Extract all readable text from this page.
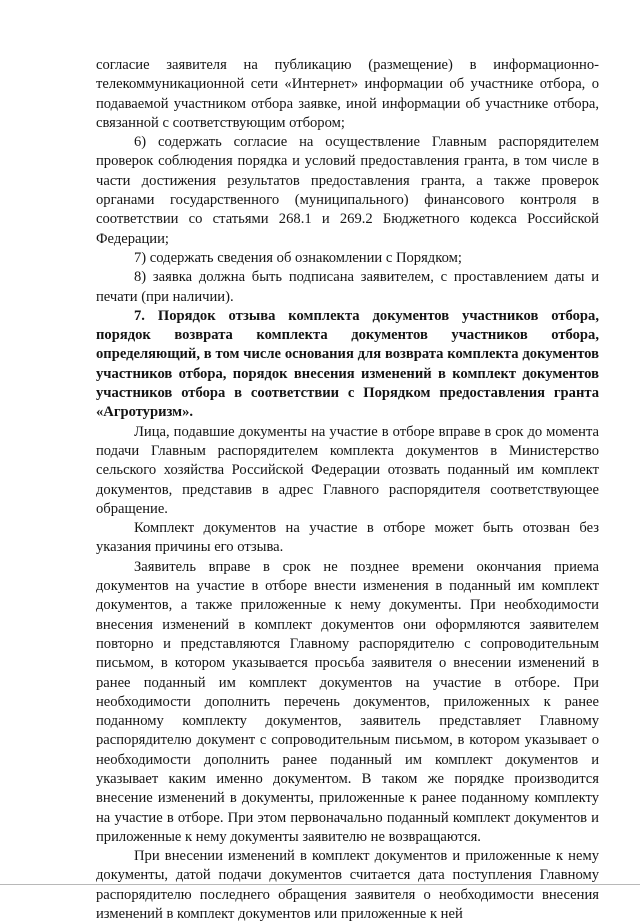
согласие заявителя на публикацию (размещение) в информационно-телекоммуникационной сети «Интернет» информации об участнике отбора, о подаваемой участником отбора заявке, иной информации об участнике отбора, связанной с соответствующим отбором;

6) содержать согласие на осуществление Главным распорядителем проверок соблюдения порядка и условий предоставления гранта, в том числе в части достижения результатов предоставления гранта, а также проверок органами государственного (муниципального) финансового контроля в соответствии со статьями 268.1 и 269.2 Бюджетного кодекса Российской Федерации;

7) содержать сведения об ознакомлении с Порядком;

8) заявка должна быть подписана заявителем, с проставлением даты и печати (при наличии).

7. Порядок отзыва комплекта документов участников отбора, порядок возврата комплекта документов участников отбора, определяющий, в том числе основания для возврата комплекта документов участников отбора, порядок внесения изменений в комплект документов участников отбора в соответствии с Порядком предоставления гранта «Агротуризм».

Лица, подавшие документы на участие в отборе вправе в срок до момента подачи Главным распорядителем комплекта документов в Министерство сельского хозяйства Российской Федерации отозвать поданный им комплект документов, представив в адрес Главного распорядителя соответствующее обращение.

Комплект документов на участие в отборе может быть отозван без указания причины его отзыва.

Заявитель вправе в срок не позднее времени окончания приема документов на участие в отборе внести изменения в поданный им комплект документов, а также приложенные к нему документы. При необходимости внесения изменений в комплект документов они оформляются заявителем повторно и представляются Главному распорядителю с сопроводительным письмом, в котором указывается просьба заявителя о внесении изменений в ранее поданный им комплект документов на участие в отборе. При необходимости дополнить перечень документов, приложенных к ранее поданному комплекту документов, заявитель представляет Главному распорядителю документ с сопроводительным письмом, в котором указывает о необходимости дополнить ранее поданный им комплект документов и указывает каким именно документом. В таком же порядке производится внесение изменений в документы, приложенные к ранее поданному комплекту на участие в отборе. При этом первоначально поданный комплект документов и приложенные к нему документы заявителю не возвращаются.

При внесении изменений в комплект документов и приложенные к нему документы, датой подачи документов считается дата поступления Главному распорядителю последнего обращения заявителя о необходимости внесения изменений в комплект документов или приложенные к ней
